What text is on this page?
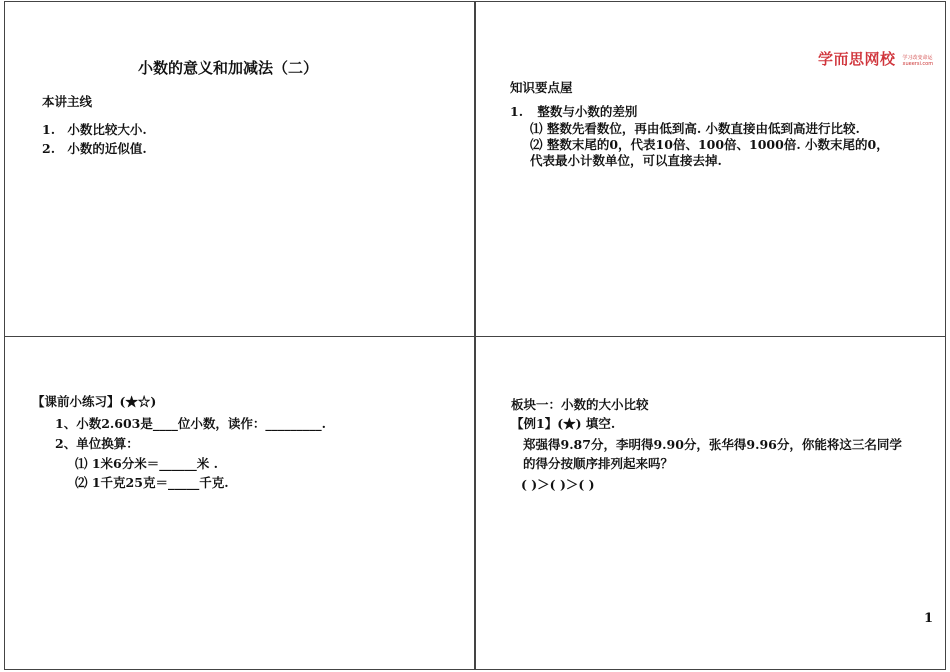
小数的意义和加减法（二）
本讲主线
1. 小数比较大小.
2. 小数的近似值.
学而思网校 学习改变命运
xueersi.com
知识要点屋
1. 整数与小数的差别
⑴ 整数先看数位，再由低到高. 小数直接由低到高进行比较.
⑵ 整数末尾的0，代表10倍、100倍、1000倍. 小数末尾的0，
代表最小计数单位，可以直接去掉.
【课前小练习】(★☆)
1、小数2.603是____位小数，读作：_________.
2、单位换算：
⑴ 1米6分米＝______米 .
⑵ 1千克25克＝_____千克.
板块一：小数的大小比较
【例1】(★) 填空.
郑强得9.87分，李明得9.90分，张华得9.96分，你能将这三名同学
的得分按顺序排列起来吗？
( )＞( )＞( )
1
